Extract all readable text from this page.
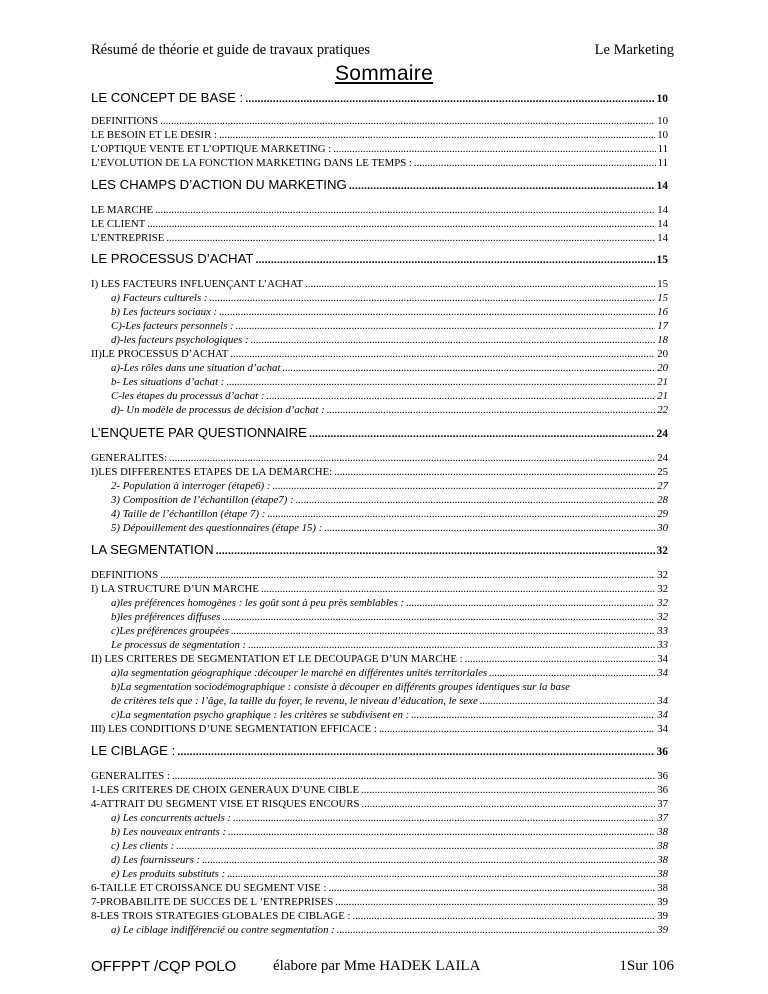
Résumé de théorie et guide de travaux pratiques	Le Marketing
Sommaire
LE CONCEPT DE BASE : .....	10
DEFINITIONS .....	10
LE BESOIN ET LE DESIR : .....	10
L’OPTIQUE VENTE ET L’OPTIQUE MARKETING : .....	11
L’EVOLUTION DE LA FONCTION MARKETING DANS LE TEMPS : .....	11
LES CHAMPS D’ACTION DU MARKETING .....	14
LE MARCHE .....	14
LE CLIENT .....	14
L’ENTREPRISE .....	14
LE PROCESSUS D’ACHAT .....	15
I) LES FACTEURS INFLUENÇANT L’ACHAT .....	15
a) Facteurs culturels : .....	15
b) Les facteurs sociaux : .....	16
C)-Les facteurs personnels : .....	17
d)-les facteurs psychologiques : .....	18
II)LE PROCESSUS D’ACHAT .....	20
a)-Les rôles dans une situation d’achat .....	20
b- Les situations d’achat : .....	21
C-les étapes du processus d’achat : .....	21
d)- Un modèle de processus de décision d’achat : .....	22
L’ENQUETE PAR QUESTIONNAIRE .....	24
GENERALITES: .....	24
I)LES DIFFERENTES ETAPES DE LA DEMARCHE: .....	25
2- Population à interroger (étape6) : .....	27
3) Composition de l’échantillon (étape7) : .....	28
4) Taille de l’échantillon (étape 7) : .....	29
5) Dépouillement des questionnaires (étape 15) : .....	30
LA SEGMENTATION .....	32
DEFINITIONS .....	32
I) LA STRUCTURE D’UN MARCHE .....	32
a)les préférences homogènes : les goût sont à peu près semblables : .....	32
b)les préférences diffuses .....	32
c)Les préférences groupées .....	33
Le processus de segmentation : .....	33
II) LES CRITERES DE SEGMENTATION ET LE DECOUPAGE D’UN MARCHE : .....	34
a)la segmentation géographique :découper le marché en différentes unités territoriales .....	34
b)La segmentation sociodémographique : consiste à découper en différents groupes identiques sur la base
de critères tels que : l’âge, la taille du foyer, le revenu, le niveau d’éducation, le sexe .....	34
c)La segmentation psycho graphique : les critères se subdivisent en : .....	34
III) LES CONDITIONS D’UNE SEGMENTATION EFFICACE : .....	34
LE CIBLAGE : .....	36
GENERALITES : .....	36
1-LES CRITERES DE CHOIX GENERAUX D’UNE CIBLE .....	36
4-ATTRAIT DU SEGMENT VISE ET RISQUES ENCOURS .....	37
a) Les concurrents actuels : .....	37
b) Les nouveaux entrants : .....	38
c) Les clients : .....	38
d) Les fournisseurs : .....	38
e) Les produits substituts : .....	38
6-TAILLE ET CROISSANCE DU SEGMENT VISE : .....	38
7-PROBABILITE DE SUCCES DE L ’ENTREPRISES .....	39
8-LES TROIS STRATEGIES GLOBALES DE CIBLAGE : .....	39
a) Le ciblage indifférencié ou contre segmentation : .....	39
OFFPPT /CQP POLO élabore par Mme HADEK LAILA	1Sur 106
